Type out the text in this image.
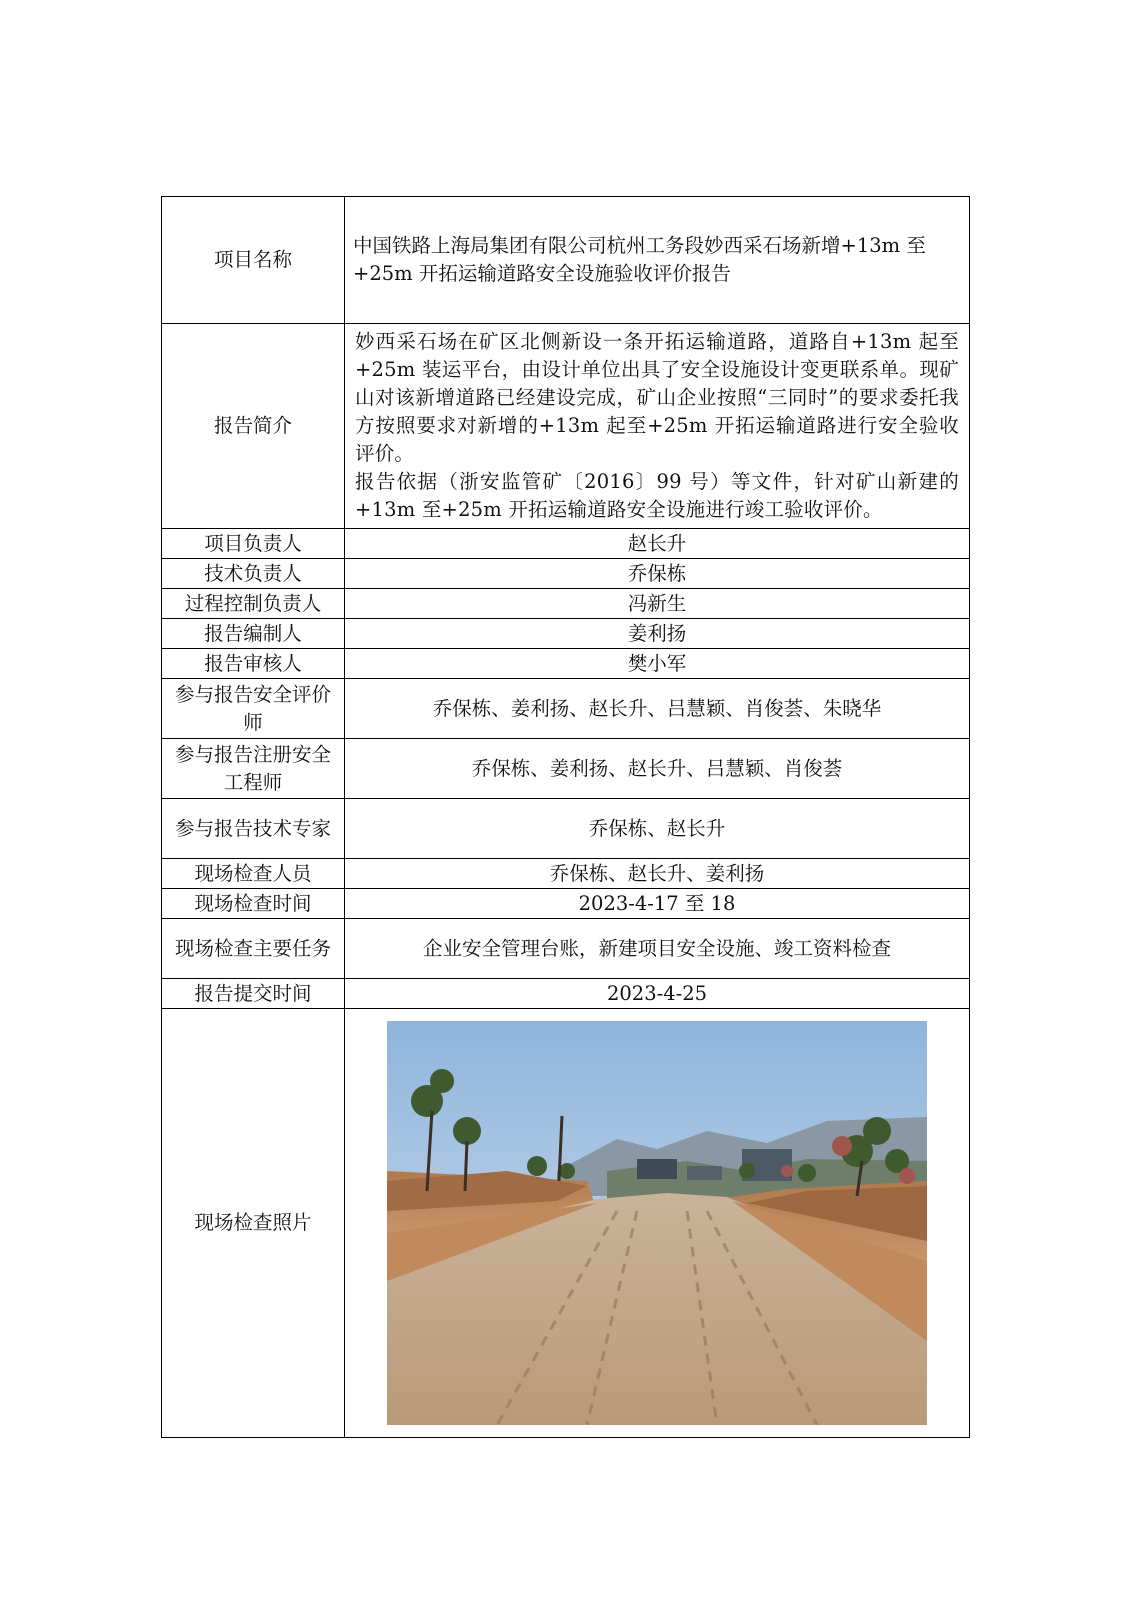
项目名称	中国铁路上海局集团有限公司杭州工务段妙西采石场新增+13m 至+25m 开拓运输道路安全设施验收评价报告
报告简介	妙西采石场在矿区北侧新设一条开拓运输道路，道路自+13m 起至+25m 装运平台，由设计单位出具了安全设施设计变更联系单。现矿山对该新增道路已经建设完成，矿山企业按照“三同时”的要求委托我方按照要求对新增的+13m 起至+25m 开拓运输道路进行安全验收评价。
报告依据（浙安监管矿〔2016〕99 号）等文件，针对矿山新建的+13m 至+25m 开拓运输道路安全设施进行竣工验收评价。

项目负责人	赵长升
技术负责人	乔保栋
过程控制负责人	冯新生
报告编制人	姜利扬
报告审核人	樊小军
参与报告安全评价师	乔保栋、姜利扬、赵长升、吕慧颖、肖俊荟、朱晓华
参与报告注册安全工程师	乔保栋、姜利扬、赵长升、吕慧颖、肖俊荟
参与报告技术专家	乔保栋、赵长升
现场检查人员	乔保栋、赵长升、姜利扬
现场检查时间	2023-4-17 至 18
现场检查主要任务	企业安全管理台账，新建项目安全设施、竣工资料检查
报告提交时间	2023-4-25
现场检查照片	
